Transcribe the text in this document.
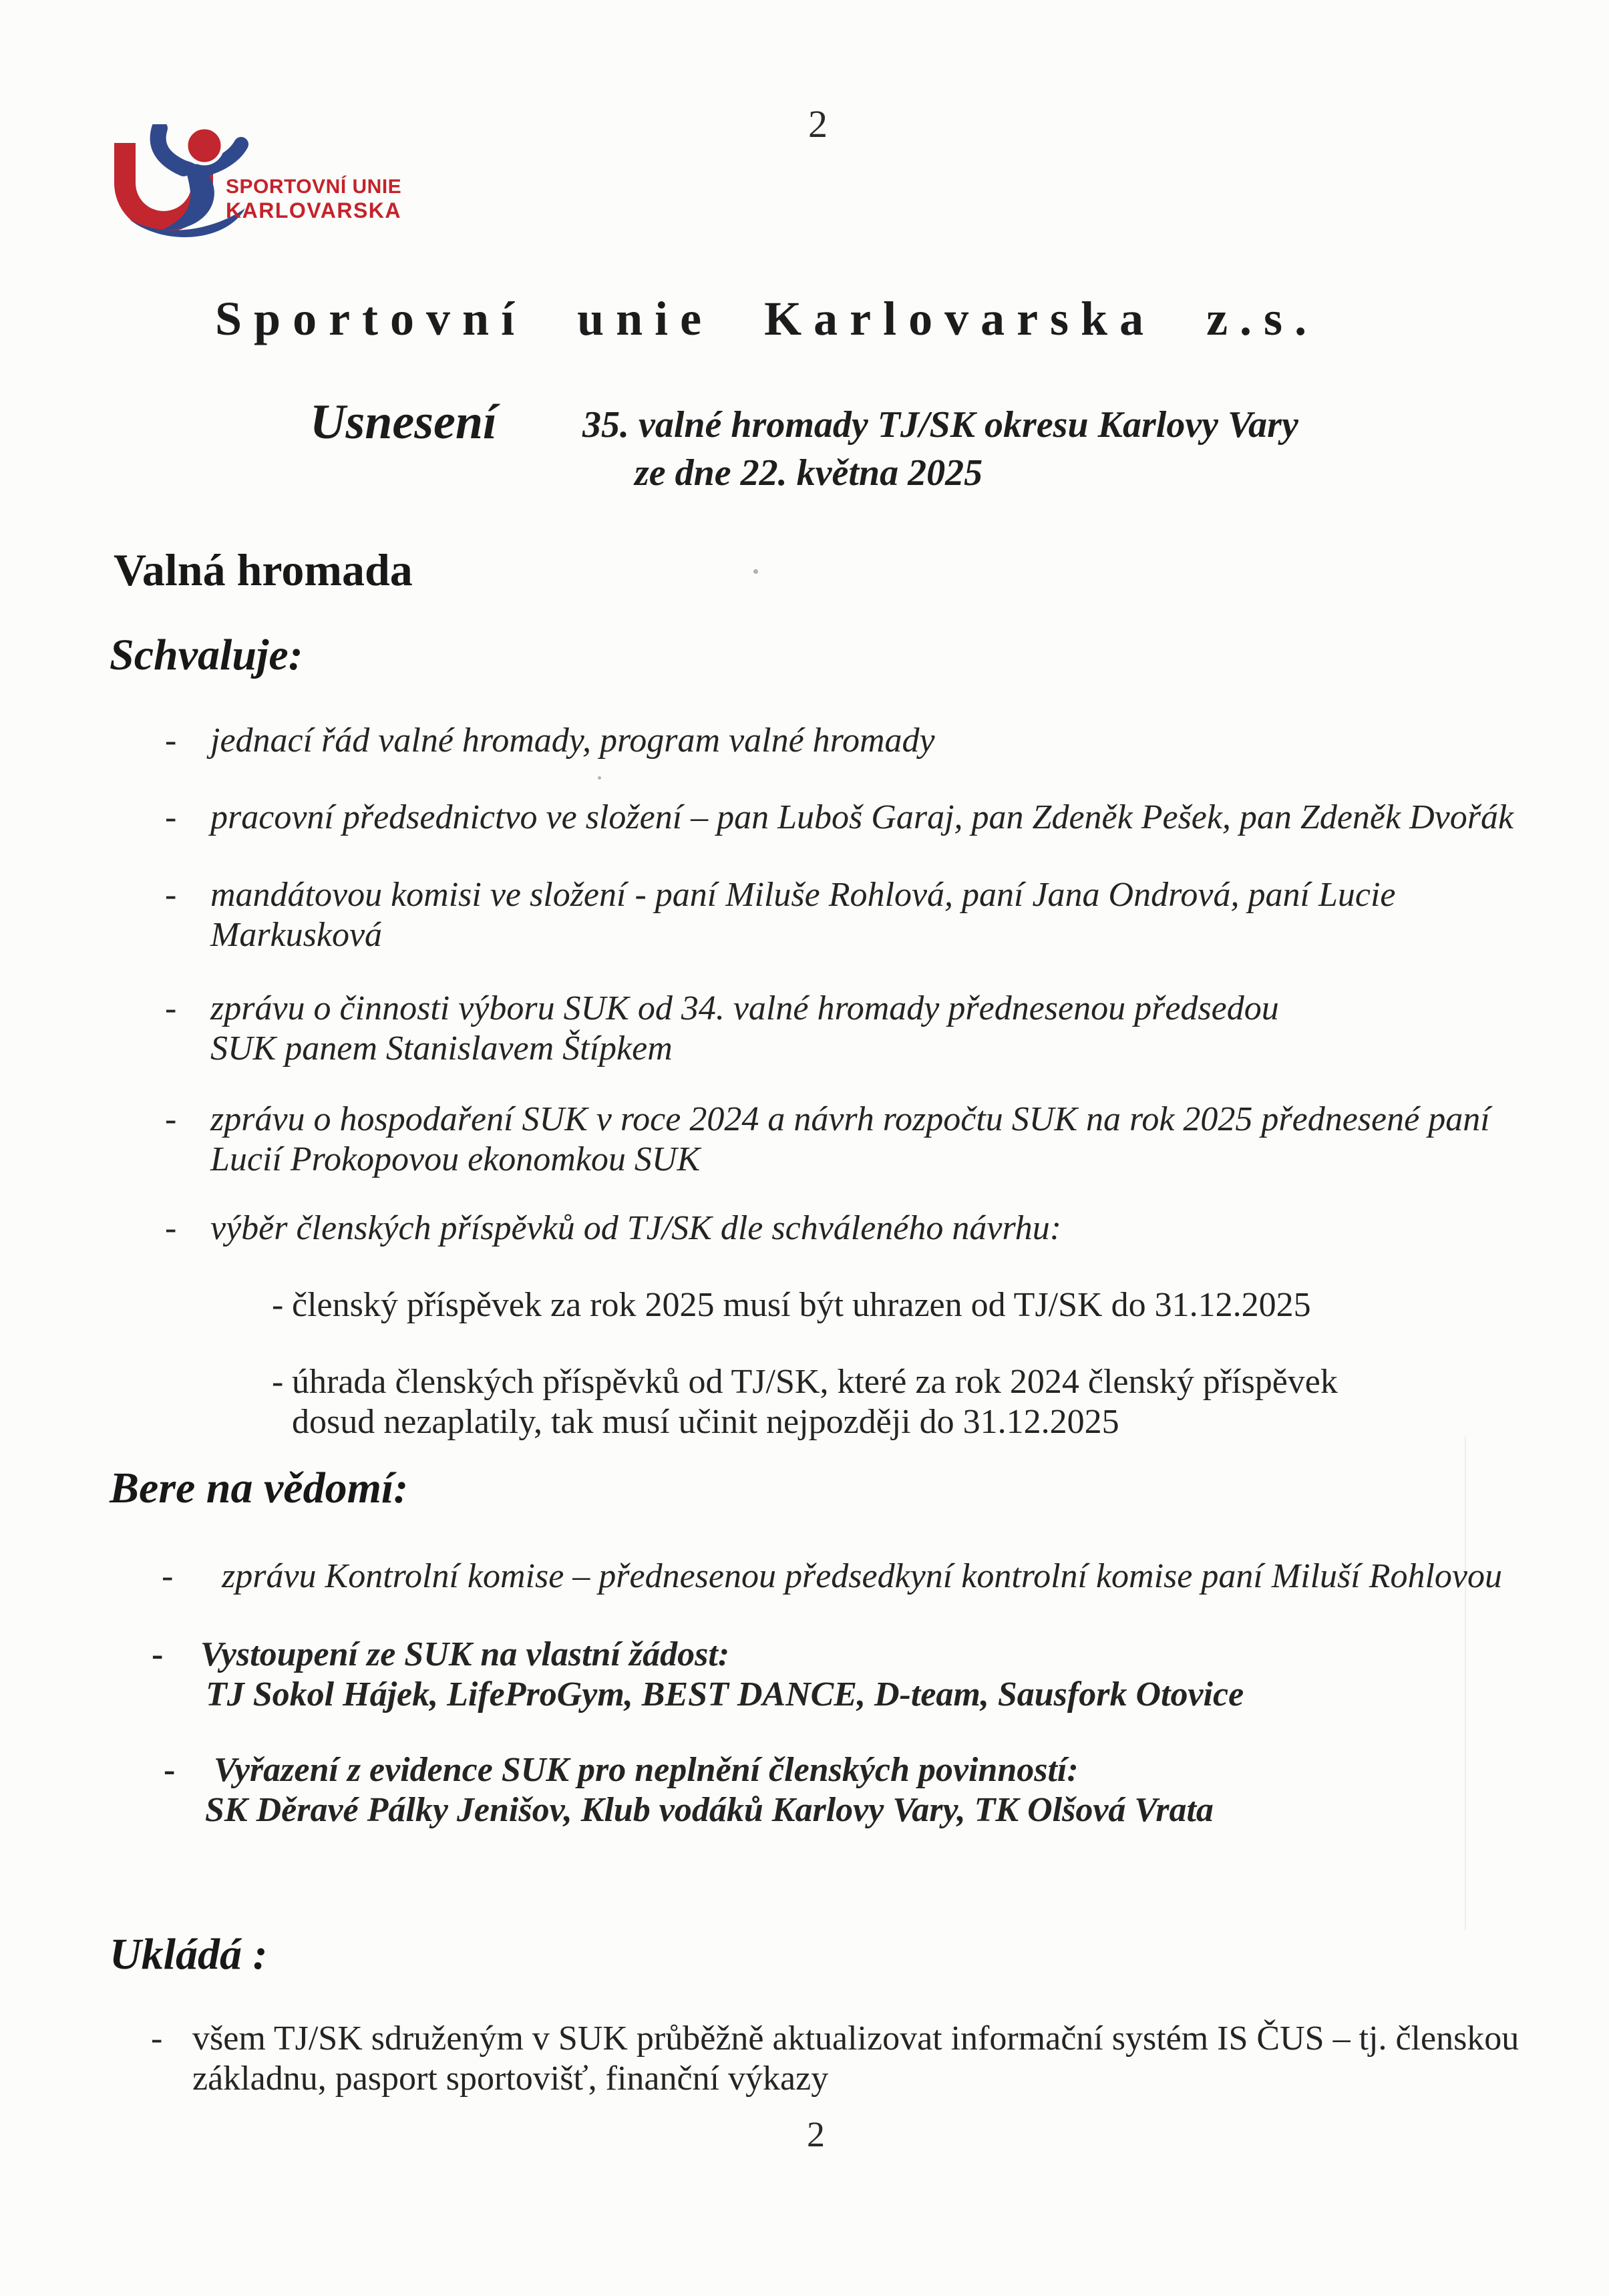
2
2
SPORTOVNÍ UNIE
KARLOVARSKA
Sportovní unie Karlovarska z.s.
Usnesení 35. valné hromady TJ/SK okresu Karlovy Vary
ze dne 22. května 2025
Valná hromada
Schvaluje:
- jednací řád valné hromady, program valné hromady
- pracovní předsednictvo ve složení – pan Luboš Garaj, pan Zdeněk Pešek, pan Zdeněk Dvořák
- mandátovou komisi ve složení - paní Miluše Rohlová, paní Jana Ondrová, paní Lucie
Markusková
- zprávu o činnosti výboru SUK od 34. valné hromady přednesenou předsedou
SUK panem Stanislavem Štípkem
- zprávu o hospodaření SUK v roce 2024 a návrh rozpočtu SUK na rok 2025 přednesené paní
Lucií Prokopovou ekonomkou SUK
- výběr členských příspěvků od TJ/SK dle schváleného návrhu:
- členský příspěvek za rok 2025 musí být uhrazen od TJ/SK do 31.12.2025
- úhrada členských příspěvků od TJ/SK, které za rok 2024 členský příspěvek
dosud nezaplatily, tak musí učinit nejpozději do 31.12.2025
Bere na vědomí:
- zprávu Kontrolní komise – přednesenou předsedkyní kontrolní komise paní Miluší Rohlovou
- Vystoupení ze SUK na vlastní žádost:
TJ Sokol Hájek, LifeProGym, BEST DANCE, D-team, Sausfork Otovice
- Vyřazení z evidence SUK pro neplnění členských povinností:
SK Děravé Pálky Jenišov, Klub vodáků Karlovy Vary, TK Olšová Vrata
Ukládá :
- všem TJ/SK sdruženým v SUK průběžně aktualizovat informační systém IS ČUS – tj. členskou
základnu, pasport sportovišť, finanční výkazy
